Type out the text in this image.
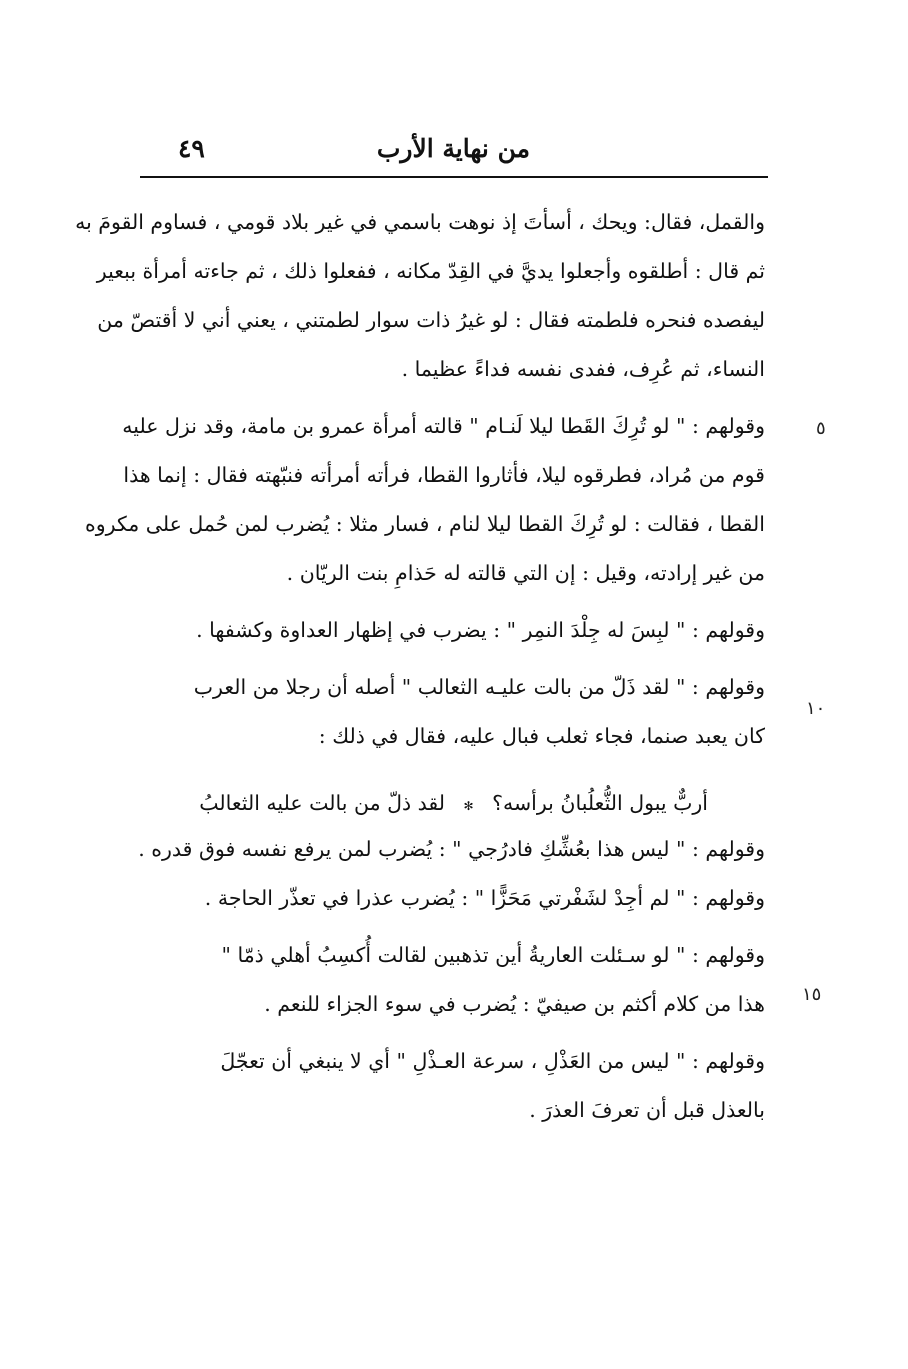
من نهاية الأرب
٤٩
٥
١٠
١٥
والقمل، فقال: ويحك ، أسأتَ إذ نوهت باسمي في غير بلاد قومي ، فساوم القومَ به
ثم قال : أطلقوه وأجعلوا يديَّ في القِدّ مكانه ، ففعلوا ذلك ، ثم جاءته أمرأة ببعير
ليفصده فنحره فلطمته فقال : لو غيرُ ذات سوار لطمتني ، يعني أني لا أقتصّ من
النساء، ثم عُرِف، ففدى نفسه فداءً عظيما .
وقولهم : " لو تُرِكَ القَطا ليلا لَنـام " قالته أمرأة عمرو بن مامة، وقد نزل عليه
قوم من مُراد، فطرقوه ليلا، فأثاروا القطا، فرأته أمرأته فنبّهته فقال : إنما هذا
القطا ، فقالت : لو تُرِكَ القطا ليلا لنام ، فسار مثلا : يُضرب لمن حُمل على مكروه
من غير إرادته، وقيل : إن التي قالته له حَذامِ بنت الريّان .
وقولهم : " لبِسَ له جِلْدَ النمِر " : يضرب في إظهار العداوة وكشفها .
وقولهم : " لقد ذَلّ من بالت عليـه الثعالب " أصله أن رجلا من العرب
كان يعبد صنما، فجاء ثعلب فبال عليه، فقال في ذلك :
وقولهم : " ليس هذا بعُشِّكِ فادرُجي " : يُضرب لمن يرفع نفسه فوق قدره .
وقولهم : " لم أجِدْ لشَفْرتي مَحَزًّا " : يُضرب عذرا في تعذّر الحاجة .
وقولهم : " لو سـئلت العاريةُ أين تذهبين لقالت أُكسِبُ أهلي ذمّا "
هذا من كلام أكثم بن صيفيّ : يُضرب في سوء الجزاء للنعم .
وقولهم : " ليس من العَذْلِ ، سرعة العـذْلِ " أي لا ينبغي أن تعجّلَ
بالعذل قبل أن تعرفَ العذرَ .
أربٌّ يبول الثُّعلُبانُ برأسه؟ ✻ لقد ذلّ من بالت عليه الثعالبُ
